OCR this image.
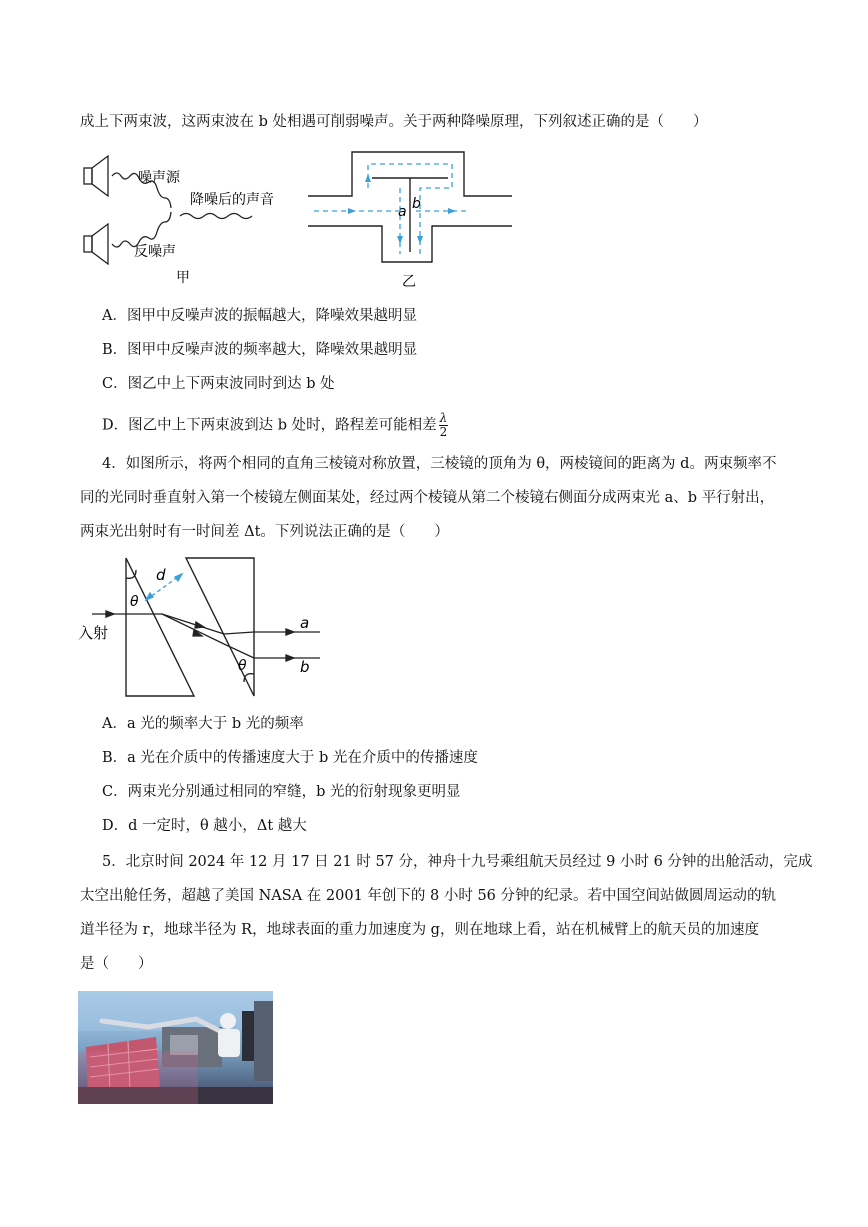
成上下两束波，这两束波在 b 处相遇可削弱噪声。关于两种降噪原理，下列叙述正确的是（　　）
噪声源
降噪后的声音
反噪声
甲
a b
乙
A．图甲中反噪声波的振幅越大，降噪效果越明显
B．图甲中反噪声波的频率越大，降噪效果越明显
C．图乙中上下两束波同时到达 b 处
D．图乙中上下两束波到达 b 处时，路程差可能相差 $\frac{\lambda}{2}$
4．如图所示，将两个相同的直角三棱镜对称放置，三棱镜的顶角为 θ，两棱镜间的距离为 d。两束频率不
同的光同时垂直射入第一个棱镜左侧面某处，经过两个棱镜从第二个棱镜右侧面分成两束光 a、b 平行射出，
两束光出射时有一时间差 Δt。下列说法正确的是（　　）
d
θ
θ
入射
a
b
A．a 光的频率大于 b 光的频率
B．a 光在介质中的传播速度大于 b 光在介质中的传播速度
C．两束光分别通过相同的窄缝，b 光的衍射现象更明显
D．d 一定时，θ 越小，Δt 越大
5．北京时间 2024 年 12 月 17 日 21 时 57 分，神舟十九号乘组航天员经过 9 小时 6 分钟的出舱活动，完成
太空出舱任务，超越了美国 NASA 在 2001 年创下的 8 小时 56 分钟的纪录。若中国空间站做圆周运动的轨
道半径为 r，地球半径为 R，地球表面的重力加速度为 g，则在地球上看，站在机械臂上的航天员的加速度
是（　　）
